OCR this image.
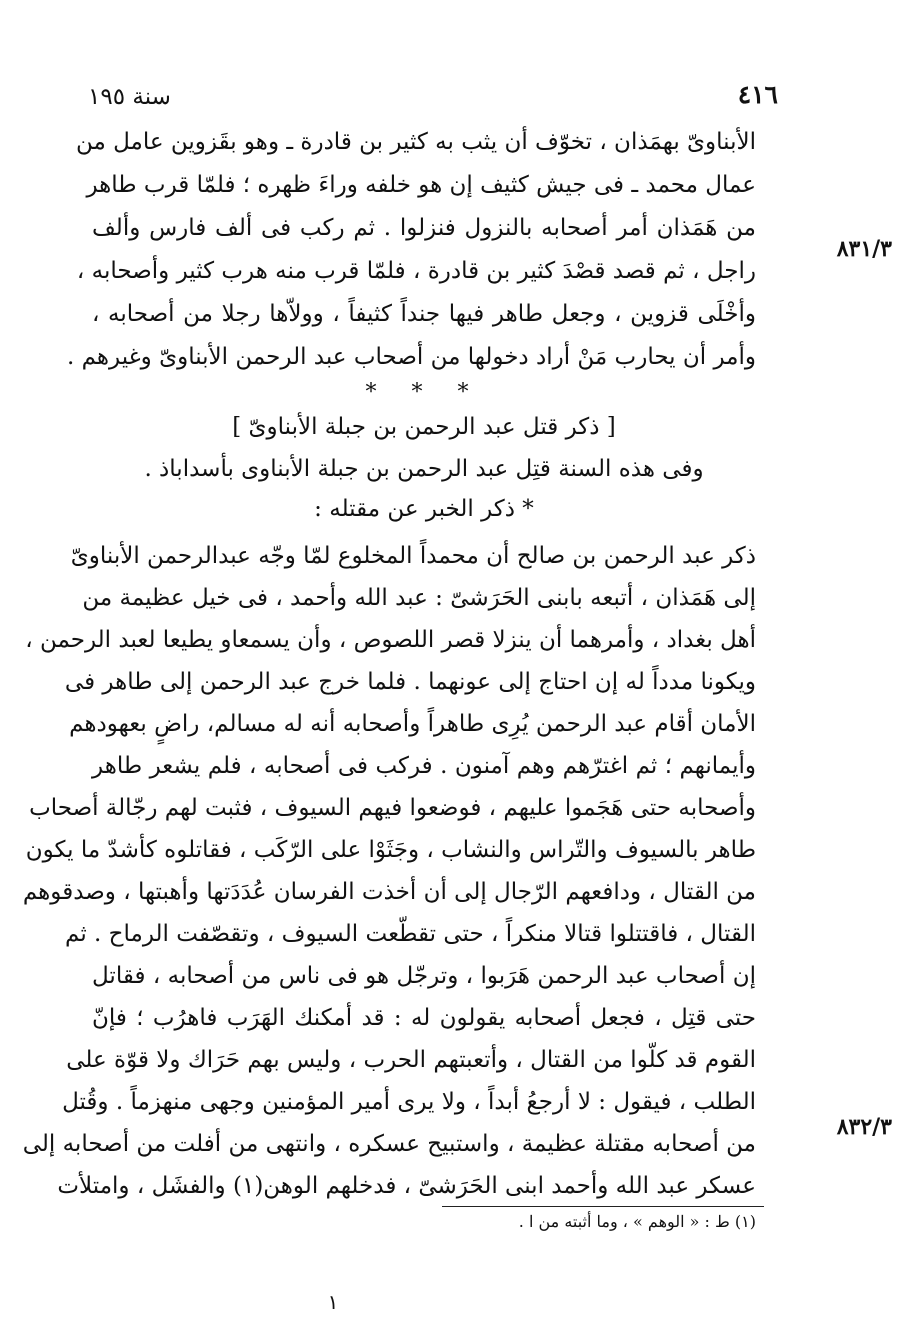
سنة ١٩٥	٤١٦
٨٣١/٣
٨٣٢/٣
الأبناوىّ بهمَذان ، تخوّف أن يثب به كثير بن قادرة ـ وهو بقَزوين عامل من
عمال محمد ـ فى جيش كثيف إن هو خلفه وراءَ ظهره ؛ فلمّا قرب طاهر
من هَمَذان أمر أصحابه بالنزول فنزلوا . ثم ركب فى ألف فارس وألف
راجل ، ثم قصد قصْدَ كثير بن قادرة ، فلمّا قرب منه هرب كثير وأصحابه ،
وأخْلَى قزوين ، وجعل طاهر فيها جنداً كثيفاً ، وولاّها رجلا من أصحابه ،
وأمر أن يحارب مَنْ أراد دخولها من أصحاب عبد الرحمن الأبناوىّ وغيرهم .
* * *
[ ذكر قتل عبد الرحمن بن جبلة الأبناوىّ ]
وفى هذه السنة قتِل عبد الرحمن بن جبلة الأبناوى بأسداباذ .
* ذكر الخبر عن مقتله :
ذكر عبد الرحمن بن صالح أن محمداً المخلوع لمّا وجّه عبدالرحمن الأبناوىّ
إلى هَمَذان ، أتبعه بابنى الحَرَشىّ : عبد الله وأحمد ، فى خيل عظيمة من
أهل بغداد ، وأمرهما أن ينزلا قصر اللصوص ، وأن يسمعاو يطيعا لعبد الرحمن ،
ويكونا مدداً له إن احتاج إلى عونهما . فلما خرج عبد الرحمن إلى طاهر فى
الأمان أقام عبد الرحمن يُرِى طاهراً وأصحابه أنه له مسالم، راضٍ بعهودهم
وأيمانهم ؛ ثم اغترّهم وهم آمنون . فركب فى أصحابه ، فلم يشعر طاهر
وأصحابه حتى هَجَموا عليهم ، فوضعوا فيهم السيوف ، فثبت لهم رجّالة أصحاب
طاهر بالسيوف والتّراس والنشاب ، وجَثَوْا على الرّكَب ، فقاتلوه كأشدّ ما يكون
من القتال ، ودافعهم الرّجال إلى أن أخذت الفرسان عُدَدَتها وأهبتها ، وصدقوهم
القتال ، فاقتتلوا قتالا منكراً ، حتى تقطّعت السيوف ، وتقصّفت الرماح . ثم
إن أصحاب عبد الرحمن هَرَبوا ، وترجّل هو فى ناس من أصحابه ، فقاتل
حتى قتِل ، فجعل أصحابه يقولون له : قد أمكنك الهَرَب فاهرُب ؛ فإنّ
القوم قد كلّوا من القتال ، وأتعبتهم الحرب ، وليس بهم حَرَاك ولا قوّة على
الطلب ، فيقول : لا أرجعُ أبداً ، ولا يرى أمير المؤمنين وجهى منهزماً . وقُتل
من أصحابه مقتلة عظيمة ، واستبيح عسكره ، وانتهى من أفلت من أصحابه إلى
عسكر عبد الله وأحمد ابنى الحَرَشىّ ، فدخلهم الوهن(١) والفشَل ، وامتلأت
(١) ط : « الوهم » ، وما أثبته من ا .
١
